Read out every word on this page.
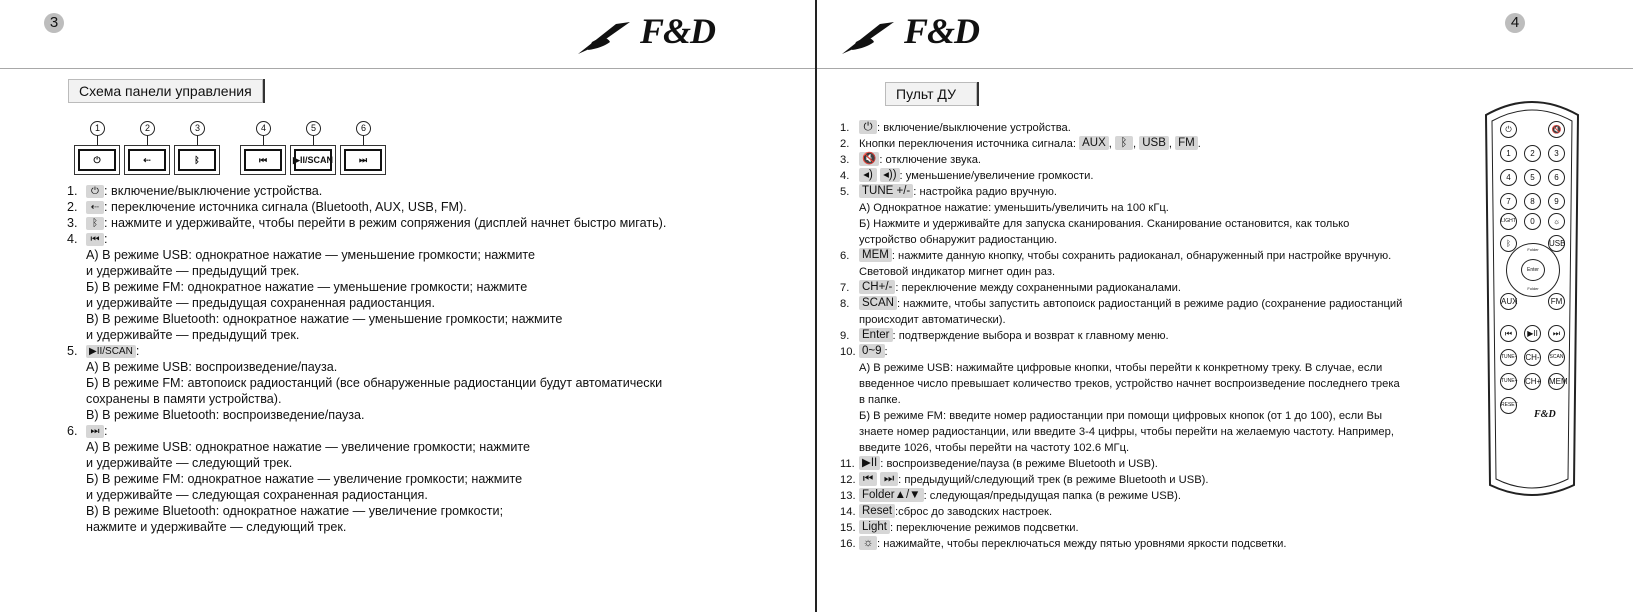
3	F&D
Схема панели управления
1
⏻
2
⇠
3
ᛒ
4
⏮
5
▶II/SCAN
6
⏭
1. ⏻ : включение/выключение устройства.
2. ⇠ : переключение источника сигнала (Bluetooth, AUX, USB, FM).
3. ᛒ : нажмите и удерживайте, чтобы перейти в режим сопряжения (дисплей начнет быстро мигать).
4. ⏮ :
А) В режиме USB: однократное нажатие — уменьшение громкости; нажмите
и удерживайте — предыдущий трек.
Б) В режиме FM: однократное нажатие — уменьшение громкости; нажмите
и удерживайте — предыдущая сохраненная радиостанция.
В) В режиме Bluetooth: однократное нажатие — уменьшение громкости; нажмите
и удерживайте — предыдущий трек.
5. ▶II/SCAN :
А) В режиме USB: воспроизведение/пауза.
Б) В режиме FM: автопоиск радиостанций (все обнаруженные радиостанции будут автоматически
сохранены в памяти устройства).
В) В режиме Bluetooth: воспроизведение/пауза.
6. ⏭ :
А) В режиме USB: однократное нажатие — увеличение громкости; нажмите
и удерживайте — следующий трек.
Б) В режиме FM: однократное нажатие — увеличение громкости; нажмите
и удерживайте — следующая сохраненная радиостанция.
В) В режиме Bluetooth: однократное нажатие — увеличение громкости;
нажмите и удерживайте — следующий трек.
F&D	4
Пульт ДУ
1. ⏻ : включение/выключение устройства.
2. Кнопки переключения источника сигнала: AUX , ᛒ , USB , FM .
3. 🔇 : отключение звука.
4. ◂) ◂)) : уменьшение/увеличение громкости.
5. TUNE +/- : настройка радио вручную.
А) Однократное нажатие: уменьшить/увеличить на 100 кГц.
Б) Нажмите и удерживайте для запуска сканирования. Сканирование остановится, как только
устройство обнаружит радиостанцию.
6. MEM : нажмите данную кнопку, чтобы сохранить радиоканал, обнаруженный при настройке вручную.
Световой индикатор мигнет один раз.
7. CH+/- : переключение между сохраненными радиоканалами.
8. SCAN : нажмите, чтобы запустить автопоиск радиостанций в режиме радио (сохранение радиостанций
происходит автоматически).
9. Enter : подтверждение выбора и возврат к главному меню.
10. 0~9 :
А) В режиме USB: нажимайте цифровые кнопки, чтобы перейти к конкретному треку. В случае, если
введенное число превышает количество треков, устройство начнет воспроизведение последнего трека
в папке.
Б) В режиме FM: введите номер радиостанции при помощи цифровых кнопок (от 1 до 100), если Вы
знаете номер радиостанции, или введите 3-4 цифры, чтобы перейти на желаемую частоту. Например,
введите 1026, чтобы перейти на частоту 102.6 МГц.
11. ▶II : воспроизведение/пауза (в режиме Bluetooth и USB).
12. ⏮ ⏭ : предыдущий/следующий трек (в режиме Bluetooth и USB).
13. Folder▲/▼ : следующая/предыдущая папка (в режиме USB).
14. Reset :сброс до заводских настроек.
15. Light : переключение режимов подсветки.
16. ☼ : нажимайте, чтобы переключаться между пятью уровнями яркости подсветки.
⏻	🔇
1	2	3
4	5	6
7	8	9
LIGHT	0	☼
ᛒ	USB
AUX	FM
⏮	▶II	⏭
TUNE- CH-	SCAN
TUNE+ CH+ MEM
RESET
Enter
Folder
Folder
F&D
